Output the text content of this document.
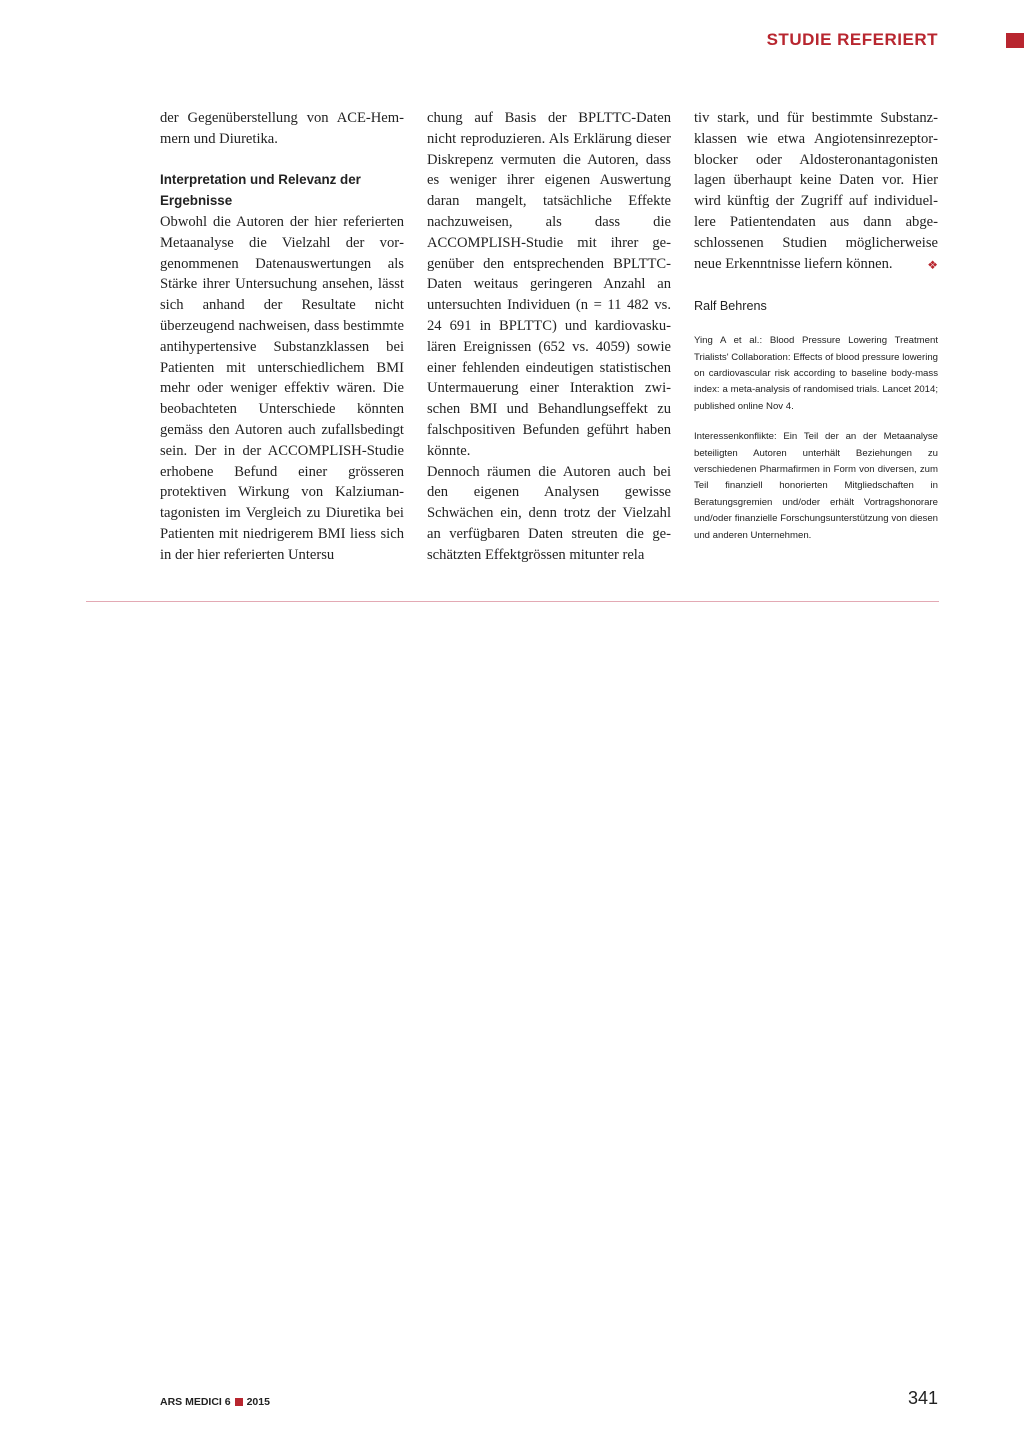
STUDIE REFERIERT

der Gegenüberstellung von ACE-Hemmern und Diuretika.

Interpretation und Relevanz der Ergebnisse

Obwohl die Autoren der hier referierten Metaanalyse die Vielzahl der vorgenommenen Datenauswertungen als Stärke ihrer Untersuchung ansehen, lässt sich anhand der Resultate nicht überzeugend nachweisen, dass bestimmte antihypertensive Substanzklassen bei Patienten mit unterschiedlichem BMI mehr oder weniger effektiv wären. Die beobachteten Unterschiede könnten gemäss den Autoren auch zufallsbedingt sein. Der in der ACCOMPLISH-Studie erhobene Befund einer grösseren protektiven Wirkung von Kalziumantagonisten im Vergleich zu Diuretika bei Patienten mit niedrigerem BMI liess sich in der hier referierten Untersu

chung auf Basis der BPLTTC-Daten nicht reproduzieren. Als Erklärung dieser Diskrepenz vermuten die Autoren, dass es weniger ihrer eigenen Auswertung daran mangelt, tatsächliche Effekte nachzuweisen, als dass die ACCOMPLISH-Studie mit ihrer gegenüber den entsprechenden BPLTTC-Daten weitaus geringeren Anzahl an untersuchten Individuen (n = 11 482 vs. 24 691 in BPLTTC) und kardiovaskulären Ereignissen (652 vs. 4059) sowie einer fehlenden eindeutigen statistischen Untermauerung einer Interaktion zwischen BMI und Behandlungseffekt zu falschpositiven Befunden geführt haben könnte.

Dennoch räumen die Autoren auch bei den eigenen Analysen gewisse Schwächen ein, denn trotz der Vielzahl an verfügbaren Daten streuten die geschätzten Effektgrössen mitunter rela

tiv stark, und für bestimmte Substanzklassen wie etwa Angiotensinrezeptorblocker oder Aldosteronantagonisten lagen überhaupt keine Daten vor. Hier wird künftig der Zugriff auf individuellere Patientendaten aus dann abgeschlossenen Studien möglicherweise neue Erkenntnisse liefern können.	❖

Ralf Behrens

Ying A et al.: Blood Pressure Lowering Treatment Trialists' Collaboration: Effects of blood pressure lowering on cardiovascular risk according to baseline body-mass index: a meta-analysis of randomised trials. Lancet 2014; published online Nov 4.

Interessenkonflikte: Ein Teil der an der Metaanalyse beteiligten Autoren unterhält Beziehungen zu verschiedenen Pharmafirmen in Form von diversen, zum Teil finanziell honorierten Mitgliedschaften in Beratungsgremien und/oder erhält Vortragshonorare und/oder finanzielle Forschungsunterstützung von diesen und anderen Unternehmen.

ARS MEDICI 6 2015	341
